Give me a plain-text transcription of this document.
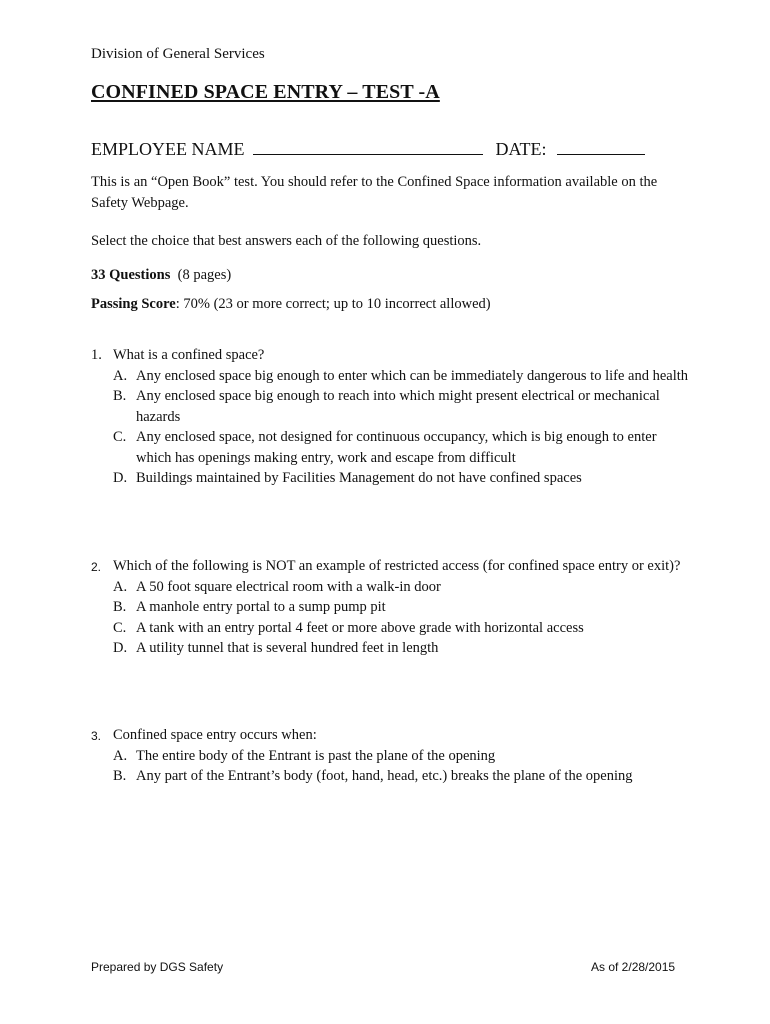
Division of General Services
CONFINED SPACE ENTRY – TEST -A
EMPLOYEE NAME	DATE:
This is an “Open Book” test. You should refer to the Confined Space information available on the Safety Webpage.
Select the choice that best answers each of the following questions.
33 Questions (8 pages)
Passing Score: 70% (23 or more correct; up to 10 incorrect allowed)
1. What is a confined space?
A. Any enclosed space big enough to enter which can be immediately dangerous to life and health
B. Any enclosed space big enough to reach into which might present electrical or mechanical hazards
C. Any enclosed space, not designed for continuous occupancy, which is big enough to enter which has openings making entry, work and escape from difficult
D. Buildings maintained by Facilities Management do not have confined spaces
2. Which of the following is NOT an example of restricted access (for confined space entry or exit)?
A. A 50 foot square electrical room with a walk-in door
B. A manhole entry portal to a sump pump pit
C. A tank with an entry portal 4 feet or more above grade with horizontal access
D. A utility tunnel that is several hundred feet in length
3. Confined space entry occurs when:
A. The entire body of the Entrant is past the plane of the opening
B. Any part of the Entrant’s body (foot, hand, head, etc.) breaks the plane of the opening
Prepared by DGS Safety	As of 2/28/2015
